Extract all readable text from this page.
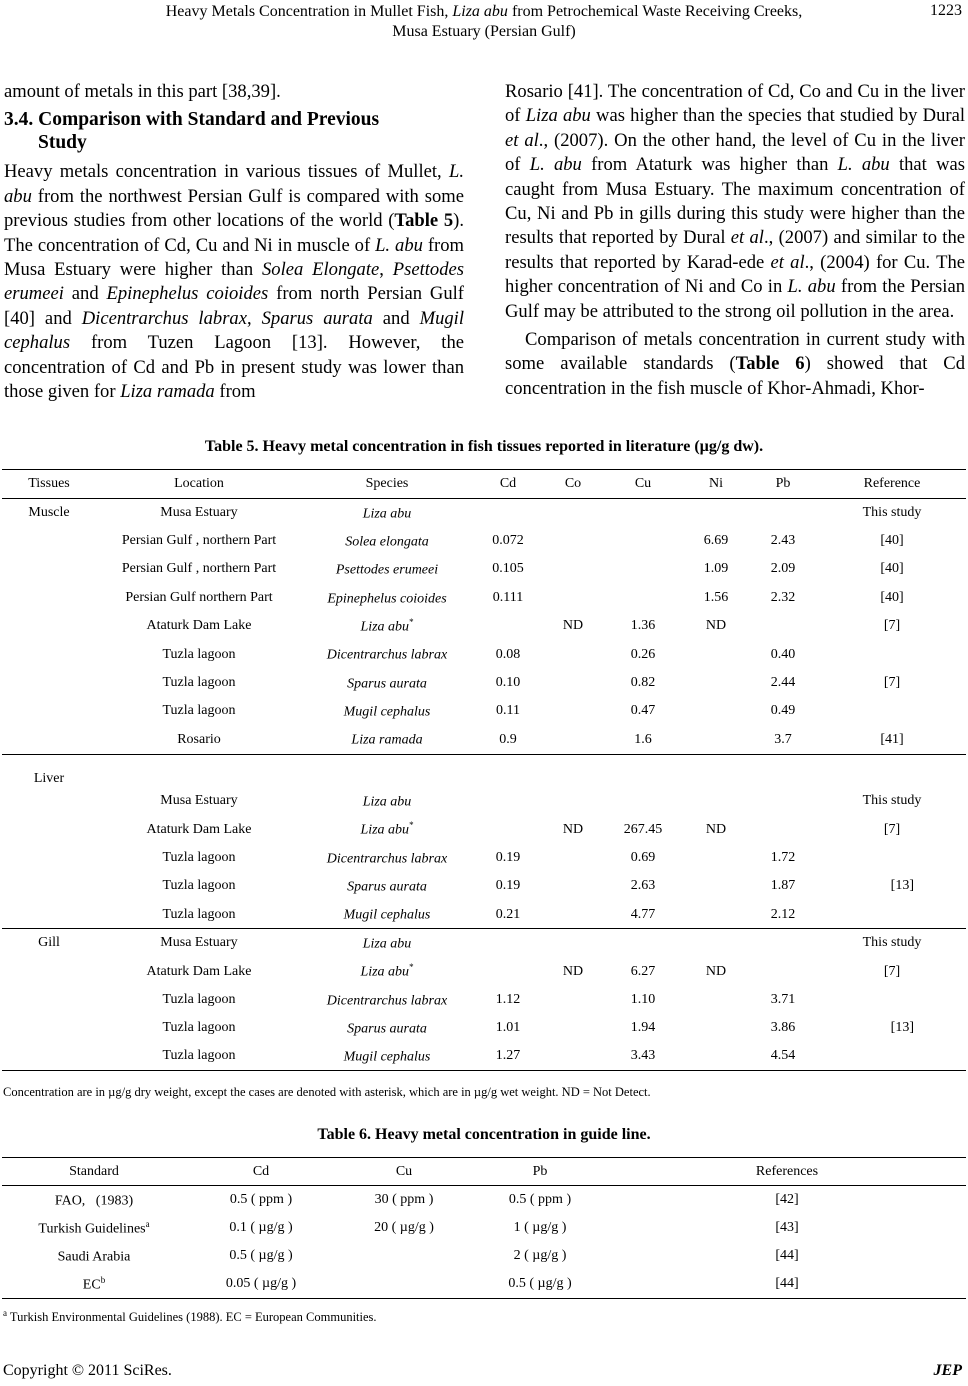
Heavy Metals Concentration in Mullet Fish, Liza abu from Petrochemical Waste Receiving Creeks,
Musa Estuary (Persian Gulf)
1223

amount of metals in this part [38,39].

3.4. Comparison with Standard and Previous
Study

Heavy metals concentration in various tissues of Mullet, L. abu from the northwest Persian Gulf is compared with some previous studies from other locations of the world (Table 5). The concentration of Cd, Cu and Ni in muscle of L. abu from Musa Estuary were higher than Solea Elongate, Psettodes erumeei and Epinephelus coioides from north Persian Gulf [40] and Dicentrarchus labrax, Sparus aurata and Mugil cephalus from Tuzen Lagoon [13]. However, the concentration of Cd and Pb in present study was lower than those given for Liza ramada from

Rosario [41]. The concentration of Cd, Co and Cu in the liver of Liza abu was higher than the species that studied by Dural et al., (2007). On the other hand, the level of Cu in the liver of L. abu from Ataturk was higher than L. abu that was caught from Musa Estuary. The maximum concentration of Cu, Ni and Pb in gills during this study were higher than the results that reported by Dural et al., (2007) and similar to the results that reported by Karad-ede et al., (2004) for Cu. The higher concentration of Ni and Co in L. abu from the Persian Gulf may be attributed to the strong oil pollution in the area.

Comparison of metals concentration in current study with some available standards (Table 6) showed that Cd concentration in the fish muscle of Khor-Ahmadi, Khor-

Table 5. Heavy metal concentration in fish tissues reported in literature (µg/g dw).
Tissues	Location	Species	Cd	Co	Cu	Ni	Pb	Reference
Muscle	Musa Estuary	Liza abu						This study
	Persian Gulf , northern Part	Solea elongata	0.072			6.69	2.43	[40]
	Persian Gulf , northern Part	Psettodes erumeei	0.105			1.09	2.09	[40]
	Persian Gulf northern Part	Epinephelus coioides	0.111			1.56	2.32	[40]
	Ataturk Dam Lake	Liza abu*		ND	1.36	ND		[7]
	Tuzla lagoon	Dicentrarchus labrax	0.08		0.26		0.40	
	Tuzla lagoon	Sparus aurata	0.10		0.82		2.44	[7]
	Tuzla lagoon	Mugil cephalus	0.11		0.47		0.49	
	Rosario	Liza ramada	0.9		1.6		3.7	[41]
Liver								
	Musa Estuary	Liza abu						This study
	Ataturk Dam Lake	Liza abu*		ND	267.45	ND		[7]
	Tuzla lagoon	Dicentrarchus labrax	0.19		0.69		1.72	
	Tuzla lagoon	Sparus aurata	0.19		2.63		1.87	[13]
	Tuzla lagoon	Mugil cephalus	0.21		4.77		2.12	
Gill	Musa Estuary	Liza abu						This study
	Ataturk Dam Lake	Liza abu*		ND	6.27	ND		[7]
	Tuzla lagoon	Dicentrarchus labrax	1.12		1.10		3.71	
	Tuzla lagoon	Sparus aurata	1.01		1.94		3.86	[13]
	Tuzla lagoon	Mugil cephalus	1.27		3.43		4.54	
Concentration are in µg/g dry weight, except the cases are denoted with asterisk, which are in µg/g wet weight. ND = Not Detect.
Table 6. Heavy metal concentration in guide line.
Standard	Cd	Cu	Pb	References
FAO,   (1983)	0.5 ( ppm )	30 ( ppm )	0.5 ( ppm )	[42]
Turkish Guidelines$^a$	0.1 ( µg/g )	20 ( µg/g )	1 ( µg/g )	[43]
Saudi Arabia	0.5 ( µg/g )		2 ( µg/g )	[44]
$EC^b$	0.05 ( µg/g )		0.5 ( µg/g )	[44]
$^a$ Turkish Environmental Guidelines (1988). EC = European Communities.
Copyright © 2011 SciRes.	JEP
